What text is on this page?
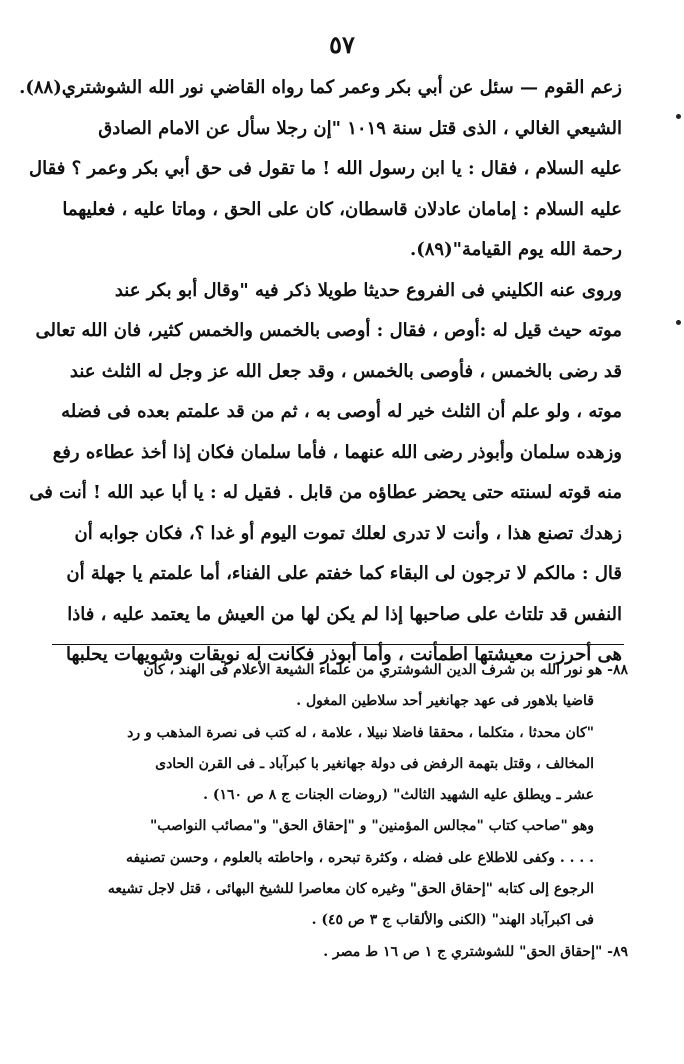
٥٧
زعم القوم — سئل عن أبي بكر وعمر كما رواه القاضي نور الله الشوشتري(٨٨).
الشيعي الغالي ، الذى قتل سنة ١٠١٩ "إن رجلا سأل عن الامام الصادق
عليه السلام ، فقال : يا ابن رسول الله ! ما تقول فى حق أبي بكر وعمر ؟ فقال
عليه السلام : إمامان عادلان قاسطان، كان على الحق ، وماتا عليه ، فعليهما
رحمة الله يوم القيامة"(٨٩).
وروى عنه الكليني فى الفروع حديثا طويلا ذكر فيه "وقال أبو بكر عند
موته حيث قيل له :أوص ، فقال : أوصى بالخمس والخمس كثير، فان الله تعالى
قد رضى بالخمس ، فأوصى بالخمس ، وقد جعل الله عز وجل له الثلث عند
موته ، ولو علم أن الثلث خير له أوصى به ، ثم من قد علمتم بعده فى فضله
وزهده سلمان وأبوذر رضى الله عنهما ، فأما سلمان فكان إذا أخذ عطاءه رفع
منه قوته لسنته حتى يحضر عطاؤه من قابل . فقيل له : يا أبا عبد الله ! أنت فى
زهدك تصنع هذا ، وأنت لا تدرى لعلك تموت اليوم أو غدا ؟، فكان جوابه أن
قال : مالكم لا ترجون لى البقاء كما خفتم على الفناء، أما علمتم يا جهلة أن
النفس قد تلتاث على صاحبها إذا لم يكن لها من العيش ما يعتمد عليه ، فاذا
هى أحرزت معيشتها اطمأنت ، وأما أبوذر فكانت له نويقات وشويهات يحلبها
٨٨- هو نور الله بن شرف الدين الشوشتري من علماء الشيعة الأعلام فى الهند ، كان
قاضيا بلاهور فى عهد جهانغير أحد سلاطين المغول .
"كان محدثا ، متكلما ، محققا فاضلا نبيلا ، علامة ، له كتب فى نصرة المذهب و رد
المخالف ، وقتل بتهمة الرفض فى دولة جهانغير با كبرآباد ـ فى القرن الحادى
عشر ـ ويطلق عليه الشهيد الثالث" (روضات الجنات ج ٨ ص ١٦٠) .
وهو "صاحب كتاب "مجالس المؤمنين" و "إحقاق الحق" و"مصائب النواصب"
. . . . وكفى للاطلاع على فضله ، وكثرة تبحره ، واحاطته بالعلوم ، وحسن تصنيفه
الرجوع إلى كتابه "إحقاق الحق" وغيره كان معاصرا للشيخ البهائى ، قتل لاجل تشيعه
فى اكبرآباد الهند" (الكنى والألقاب ج ٣ ص ٤٥) .
٨٩- "إحقاق الحق" للشوشتري ج ١ ص ١٦ ط مصر .
